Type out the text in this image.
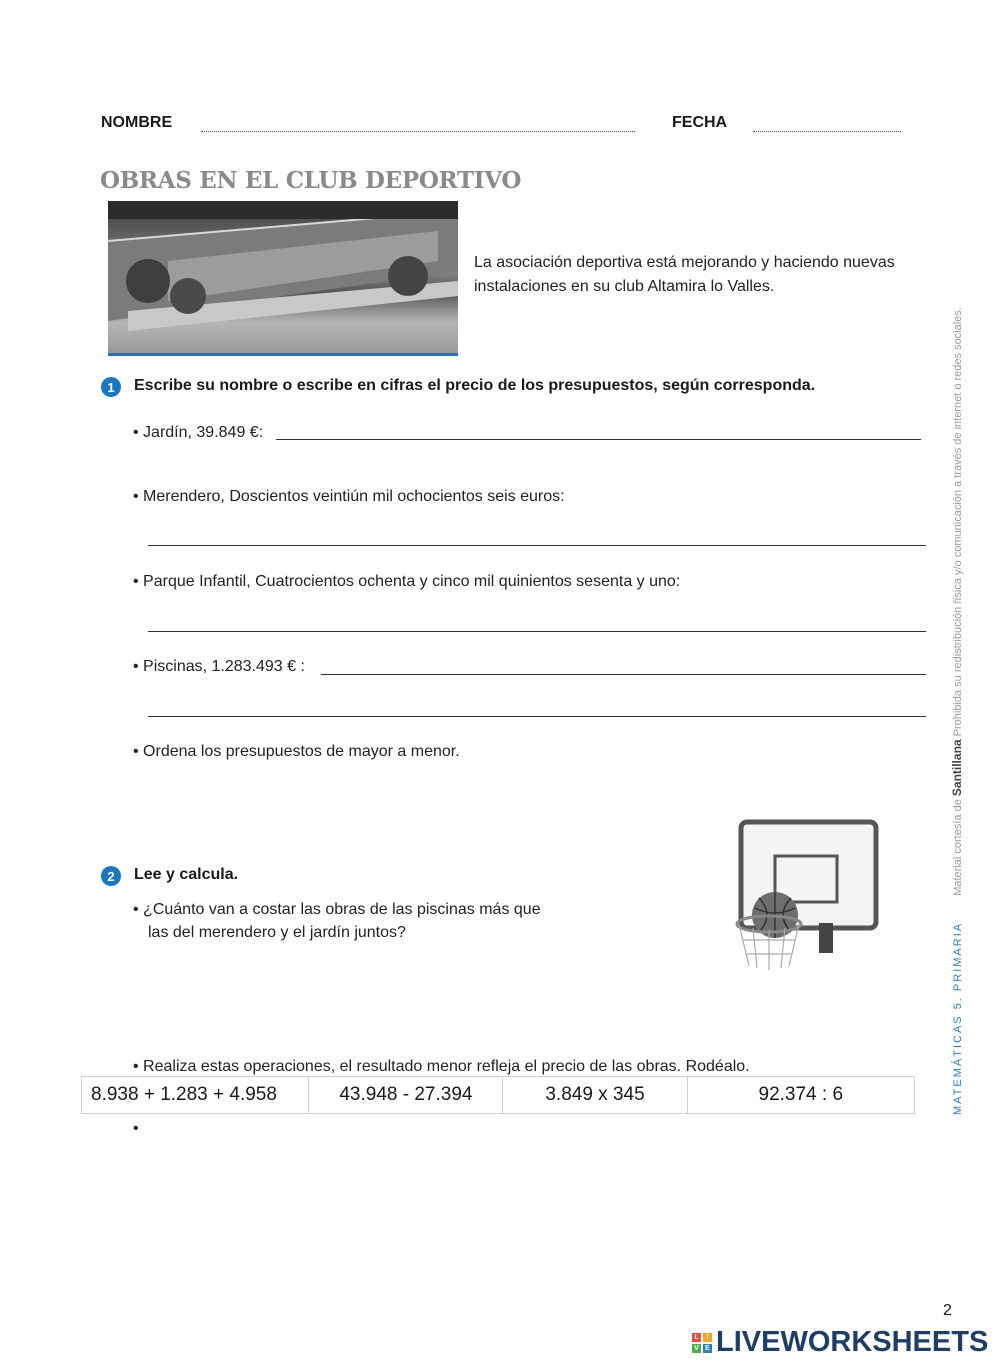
NOMBRE	FECHA
OBRAS EN EL CLUB DEPORTIVO
La asociación deportiva está mejorando y haciendo nuevas
instalaciones en su club Altamira lo Valles.
1	Escribe su nombre o escribe en cifras el precio de los presupuestos, según corresponda.
• Jardín, 39.849 €:
• Merendero, Doscientos veintiún mil ochocientos seis euros:
• Parque Infantil, Cuatrocientos ochenta y cinco mil quinientos sesenta y uno:
• Piscinas, 1.283.493 € :
• Ordena los presupuestos de mayor a menor.
2	Lee y calcula.
• ¿Cuánto van a costar las obras de las piscinas más que
las del merendero y el jardín juntos?
• Realiza estas operaciones, el resultado menor refleja el precio de las obras. Rodéalo.
8.938 + 1.283 + 4.958	43.948 - 27.394	3.849 x 345	92.374 : 6
•
MATEMÁTICAS 5. PRIMARIA  Material cortesía de Santillana Prohibida su redistribución física y/o comunicación a través de internet o redes sociales.
2
L	I
V E LIVEWORKSHEETS
